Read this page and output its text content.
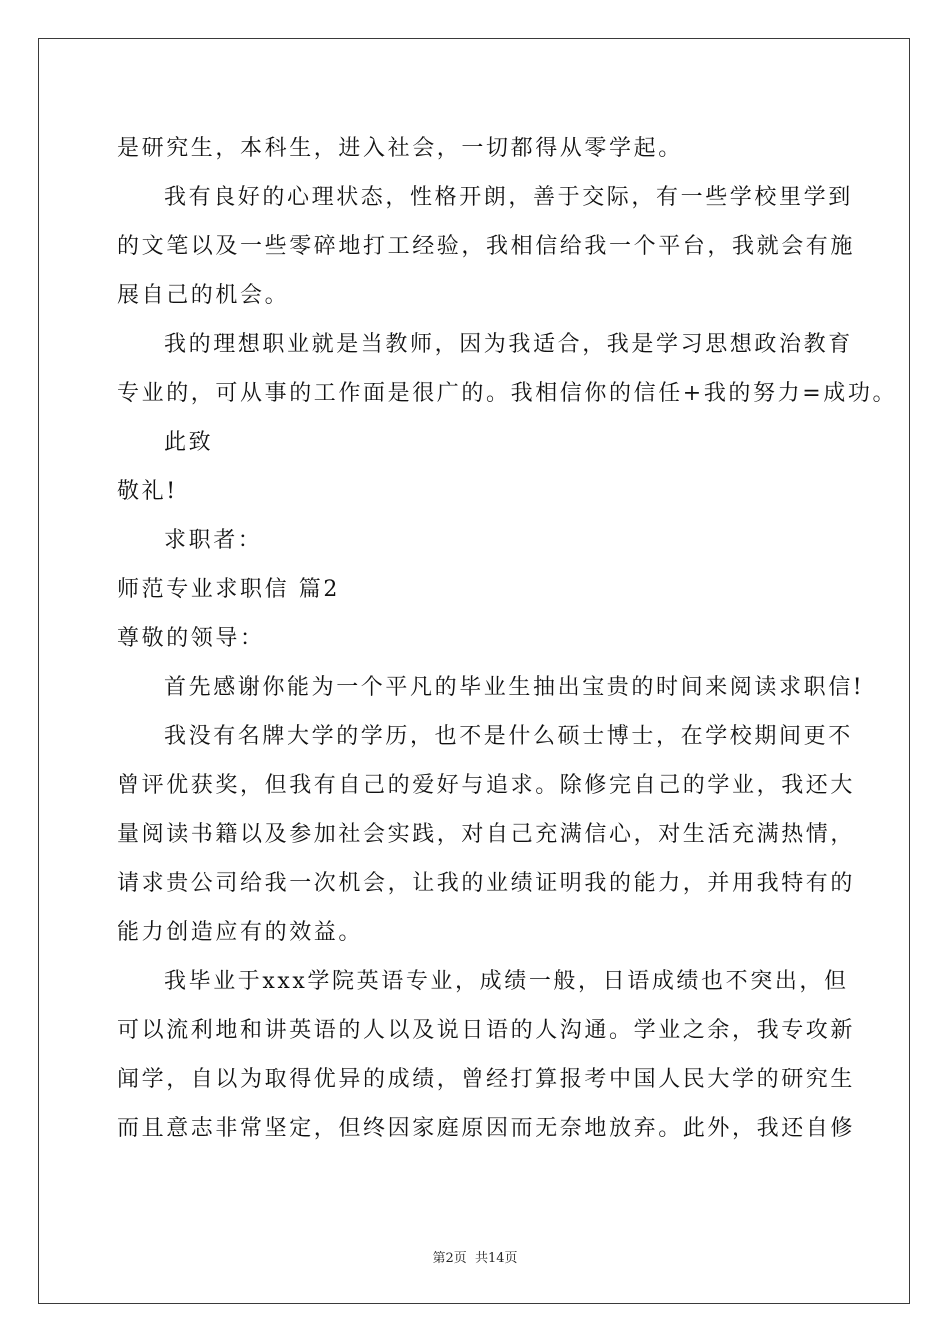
是研究生，本科生，进入社会，一切都得从零学起。
我有良好的心理状态，性格开朗，善于交际，有一些学校里学到
的文笔以及一些零碎地打工经验，我相信给我一个平台，我就会有施
展自己的机会。
我的理想职业就是当教师，因为我适合，我是学习思想政治教育
专业的，可从事的工作面是很广的。我相信你的信任+我的努力=成功。
此致
敬礼!
求职者：
师范专业求职信 篇2
尊敬的领导：
首先感谢你能为一个平凡的毕业生抽出宝贵的时间来阅读求职信!
我没有名牌大学的学历，也不是什么硕士博士，在学校期间更不
曾评优获奖，但我有自己的爱好与追求。除修完自己的学业，我还大
量阅读书籍以及参加社会实践，对自己充满信心，对生活充满热情，
请求贵公司给我一次机会，让我的业绩证明我的能力，并用我特有的
能力创造应有的效益。
我毕业于xxx学院英语专业，成绩一般，日语成绩也不突出，但
可以流利地和讲英语的人以及说日语的人沟通。学业之余，我专攻新
闻学，自以为取得优异的成绩，曾经打算报考中国人民大学的研究生
而且意志非常坚定，但终因家庭原因而无奈地放弃。此外，我还自修
第2页 共14页
